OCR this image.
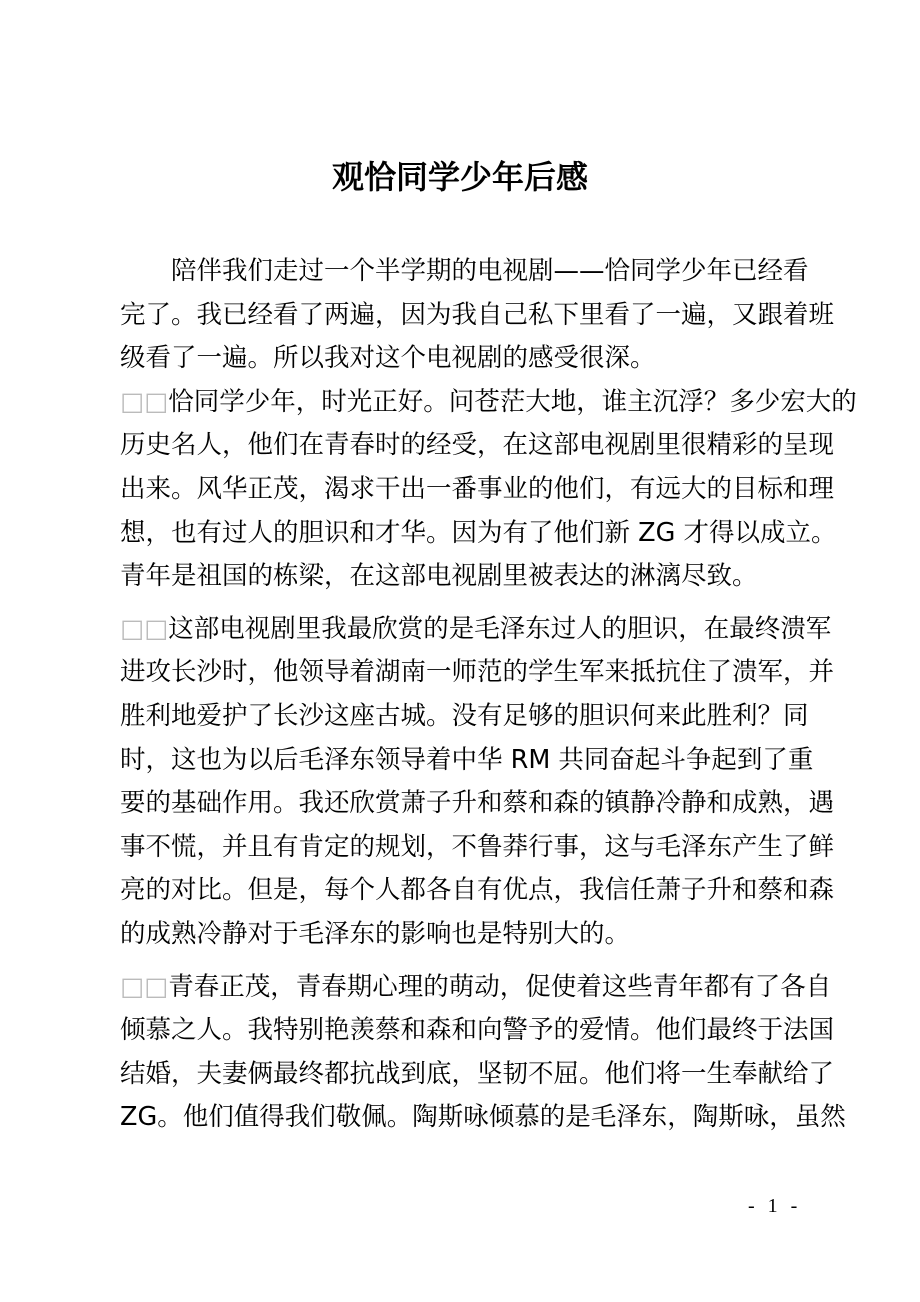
观恰同学少年后感
　　陪伴我们走过一个半学期的电视剧——恰同学少年已经看
完了。我已经看了两遍，因为我自己私下里看了一遍，又跟着班
级看了一遍。所以我对这个电视剧的感受很深。
□□恰同学少年，时光正好。问苍茫大地，谁主沉浮？多少宏大的
历史名人，他们在青春时的经受，在这部电视剧里很精彩的呈现
出来。风华正茂，渴求干出一番事业的他们，有远大的目标和理
想，也有过人的胆识和才华。因为有了他们新 ZG 才得以成立。
青年是祖国的栋梁，在这部电视剧里被表达的淋漓尽致。
□□这部电视剧里我最欣赏的是毛泽东过人的胆识，在最终溃军
进攻长沙时，他领导着湖南一师范的学生军来抵抗住了溃军，并
胜利地爱护了长沙这座古城。没有足够的胆识何来此胜利？同
时，这也为以后毛泽东领导着中华 RM 共同奋起斗争起到了重
要的基础作用。我还欣赏萧子升和蔡和森的镇静冷静和成熟，遇
事不慌，并且有肯定的规划，不鲁莽行事，这与毛泽东产生了鲜
亮的对比。但是，每个人都各自有优点，我信任萧子升和蔡和森
的成熟冷静对于毛泽东的影响也是特别大的。
□□青春正茂，青春期心理的萌动，促使着这些青年都有了各自
倾慕之人。我特别艳羡蔡和森和向警予的爱情。他们最终于法国
结婚，夫妻俩最终都抗战到底，坚韧不屈。他们将一生奉献给了
ZG。他们值得我们敬佩。陶斯咏倾慕的是毛泽东，陶斯咏，虽然
- 1 -
